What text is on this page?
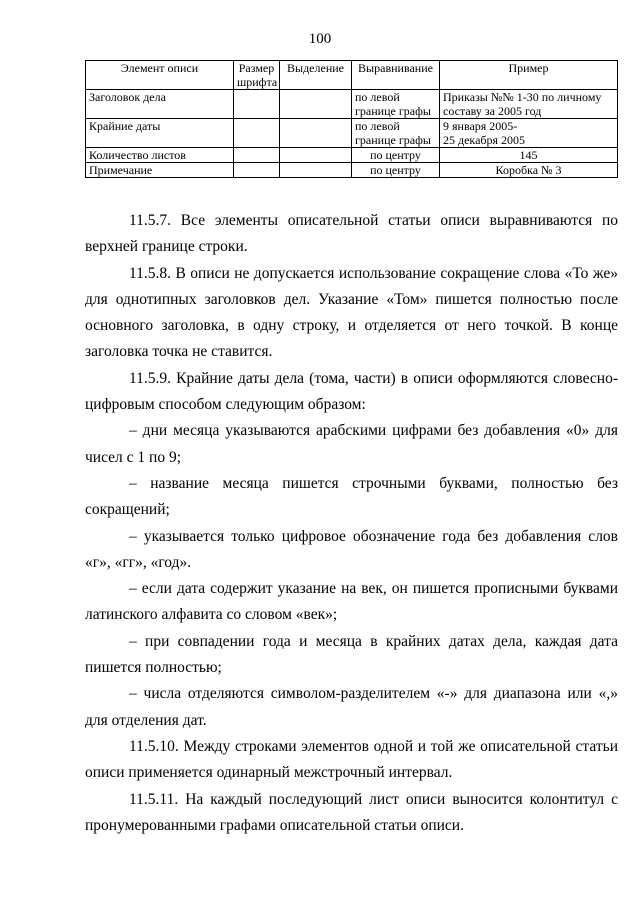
100
Элемент описи	Размер шрифта	Выделение	Выравнивание	Пример
Заголовок дела			по левой границе графы	Приказы №№ 1-30 по личному составу за 2005 год
Крайние даты			по левой границе графы	9 января 2005-
25 декабря 2005

Количество листов			по центру	145
Примечание			по центру	Коробка № 3

11.5.7. Все элементы описательной статьи описи выравниваются по верхней границе строки.

11.5.8. В описи не допускается использование сокращение слова «То же» для однотипных заголовков дел. Указание «Том» пишется полностью после основного заголовка, в одну строку, и отделяется от него точкой. В конце заголовка точка не ставится.

11.5.9. Крайние даты дела (тома, части) в описи оформляются словесно-цифровым способом следующим образом:

– дни месяца указываются арабскими цифрами без добавления «0» для чисел с 1 по 9;

– название месяца пишется строчными буквами, полностью без сокращений;

– указывается только цифровое обозначение года без добавления слов «г», «гг», «год».

– если дата содержит указание на век, он пишется прописными буквами латинского алфавита со словом «век»;

– при совпадении года и месяца в крайних датах дела, каждая дата пишется полностью;

– числа отделяются символом-разделителем «-» для диапазона или «,» для отделения дат.

11.5.10. Между строками элементов одной и той же описательной статьи описи применяется одинарный межстрочный интервал.

11.5.11. На каждый последующий лист описи выносится колонтитул с пронумерованными графами описательной статьи описи.
